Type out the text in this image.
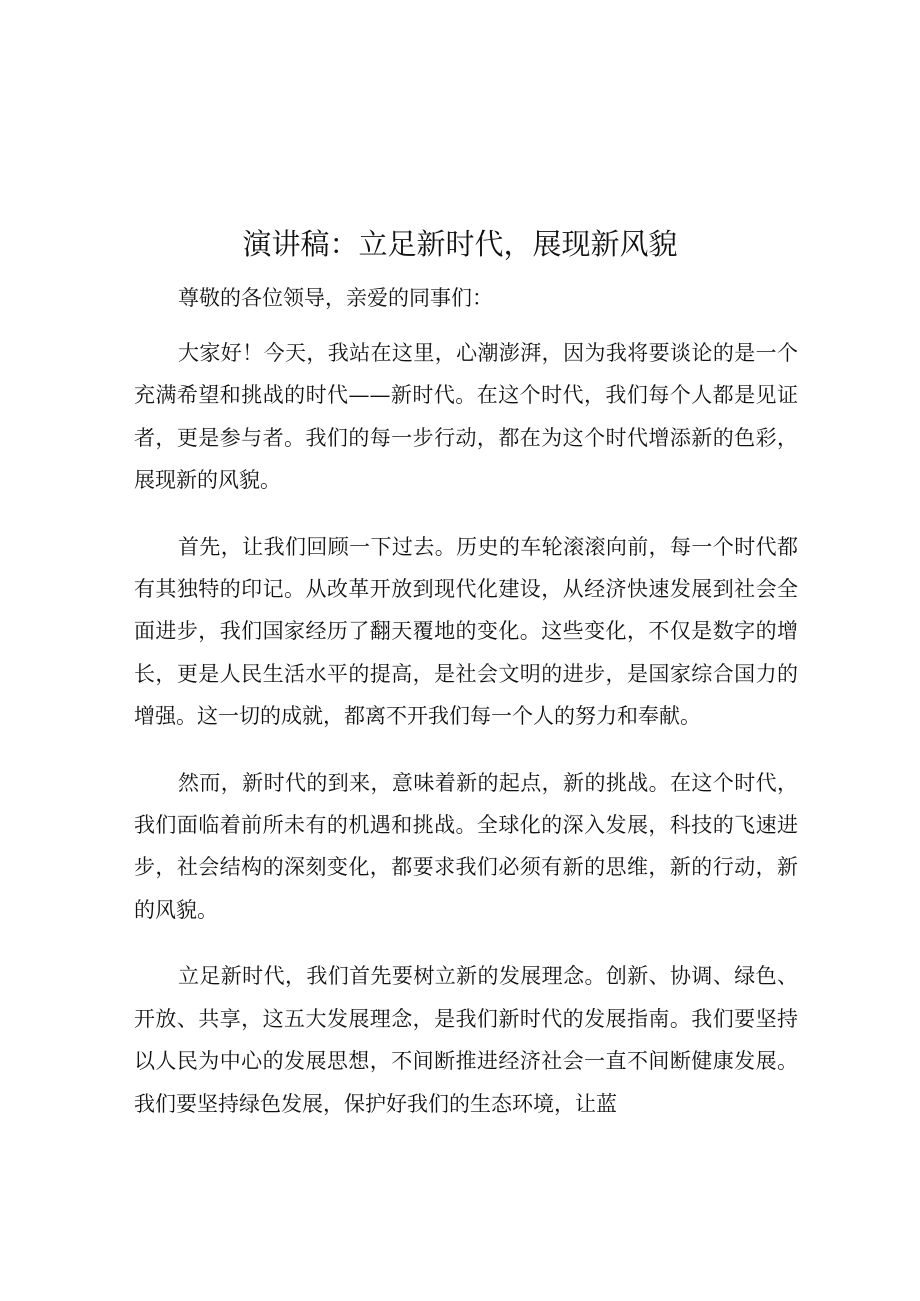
演讲稿：立足新时代，展现新风貌

尊敬的各位领导，亲爱的同事们：

大家好！今天，我站在这里，心潮澎湃，因为我将要谈论的是一个充满希望和挑战的时代——新时代。在这个时代，我们每个人都是见证者，更是参与者。我们的每一步行动，都在为这个时代增添新的色彩，展现新的风貌。

首先，让我们回顾一下过去。历史的车轮滚滚向前，每一个时代都有其独特的印记。从改革开放到现代化建设，从经济快速发展到社会全面进步，我们国家经历了翻天覆地的变化。这些变化，不仅是数字的增长，更是人民生活水平的提高，是社会文明的进步，是国家综合国力的增强。这一切的成就，都离不开我们每一个人的努力和奉献。

然而，新时代的到来，意味着新的起点，新的挑战。在这个时代，我们面临着前所未有的机遇和挑战。全球化的深入发展，科技的飞速进步，社会结构的深刻变化，都要求我们必须有新的思维，新的行动，新的风貌。

立足新时代，我们首先要树立新的发展理念。创新、协调、绿色、开放、共享，这五大发展理念，是我们新时代的发展指南。我们要坚持以人民为中心的发展思想，不间断推进经济社会一直不间断健康发展。我们要坚持绿色发展，保护好我们的生态环境，让蓝
